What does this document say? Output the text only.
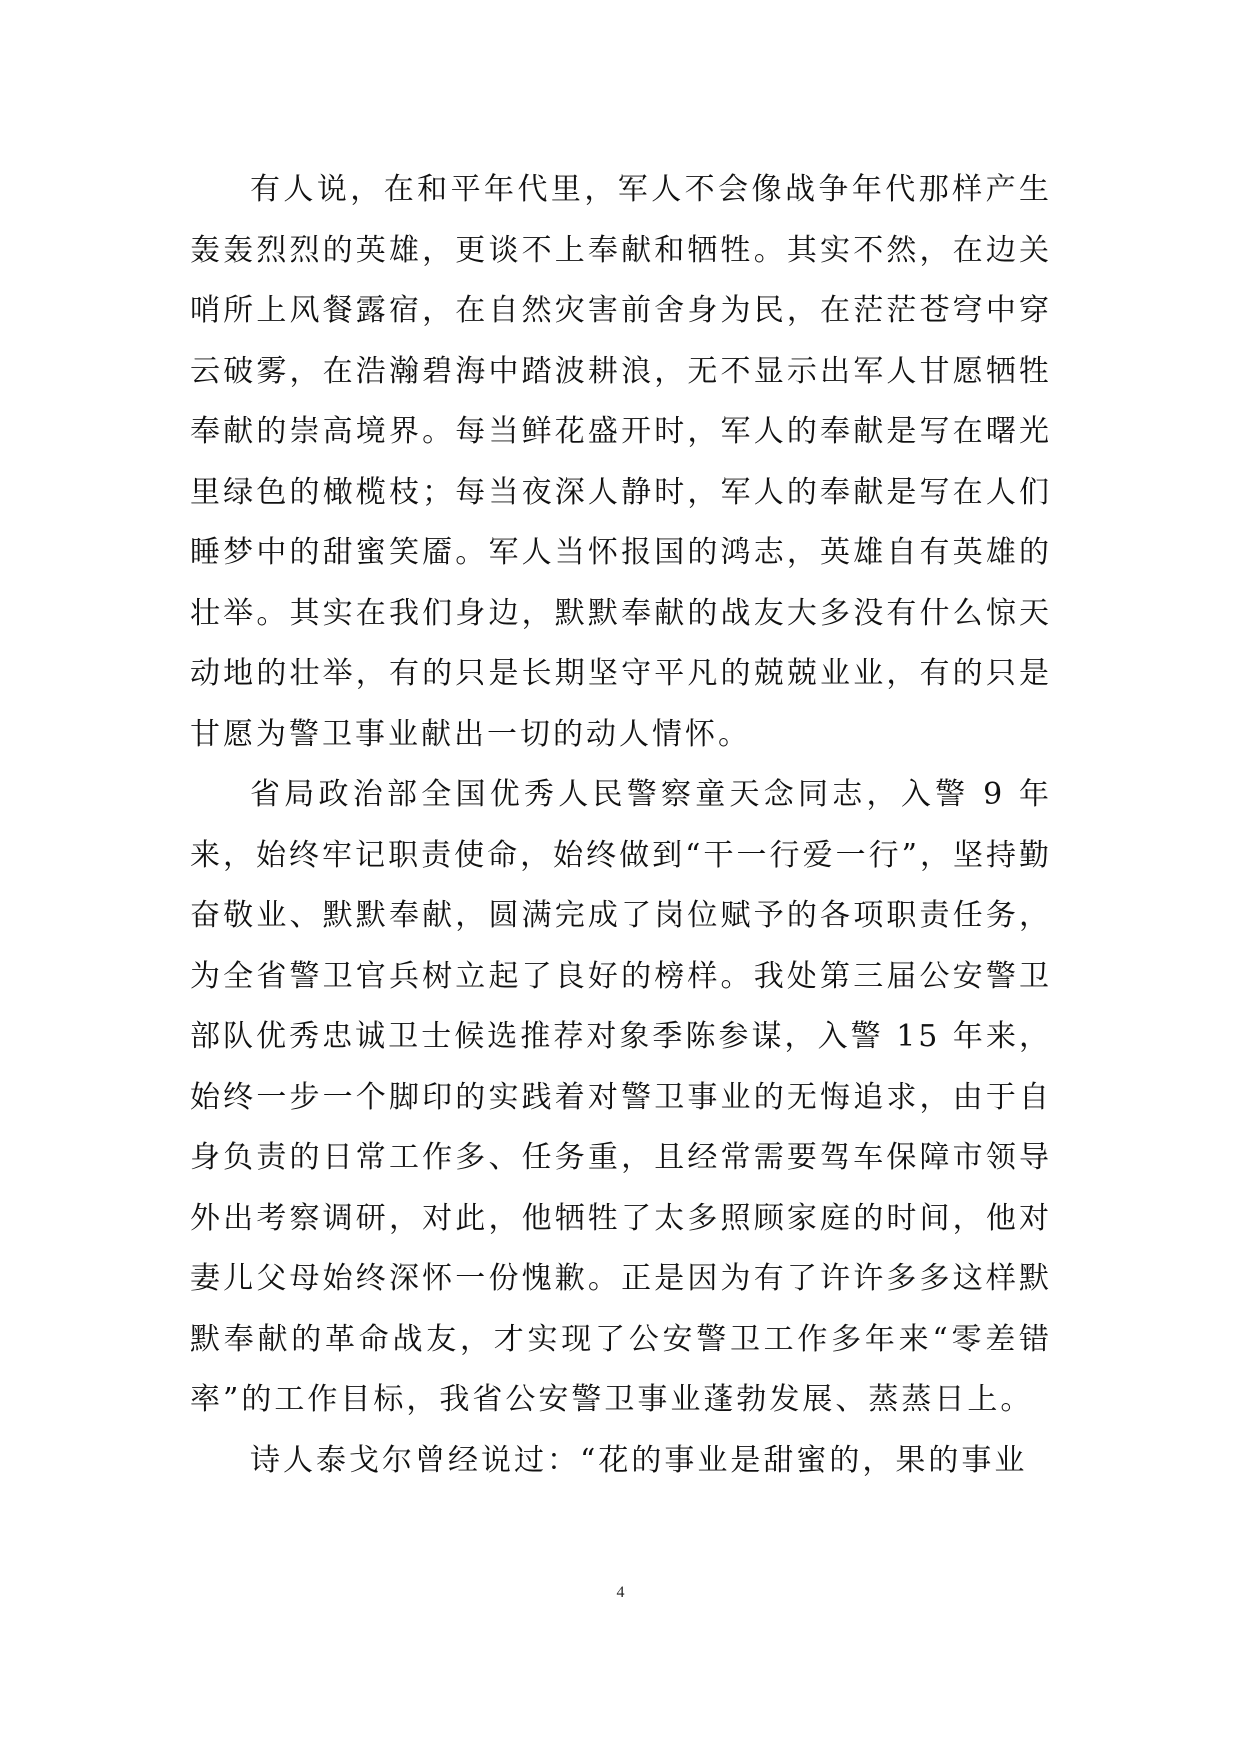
有人说，在和平年代里，军人不会像战争年代那样产生轰轰烈烈的英雄，更谈不上奉献和牺牲。其实不然，在边关哨所上风餐露宿，在自然灾害前舍身为民，在茫茫苍穹中穿云破雾，在浩瀚碧海中踏波耕浪，无不显示出军人甘愿牺牲奉献的崇高境界。每当鲜花盛开时，军人的奉献是写在曙光里绿色的橄榄枝；每当夜深人静时，军人的奉献是写在人们睡梦中的甜蜜笑靥。军人当怀报国的鸿志，英雄自有英雄的壮举。其实在我们身边，默默奉献的战友大多没有什么惊天动地的壮举，有的只是长期坚守平凡的兢兢业业，有的只是甘愿为警卫事业献出一切的动人情怀。

省局政治部全国优秀人民警察童天念同志，入警 9 年来，始终牢记职责使命，始终做到“干一行爱一行”，坚持勤奋敬业、默默奉献，圆满完成了岗位赋予的各项职责任务，为全省警卫官兵树立起了良好的榜样。我处第三届公安警卫部队优秀忠诚卫士候选推荐对象季陈参谋，入警 15 年来，始终一步一个脚印的实践着对警卫事业的无悔追求，由于自身负责的日常工作多、任务重，且经常需要驾车保障市领导外出考察调研，对此，他牺牲了太多照顾家庭的时间，他对妻儿父母始终深怀一份愧歉。正是因为有了许许多多这样默默奉献的革命战友，才实现了公安警卫工作多年来“零差错率”的工作目标，我省公安警卫事业蓬勃发展、蒸蒸日上。

诗人泰戈尔曾经说过：“花的事业是甜蜜的，果的事业

4
